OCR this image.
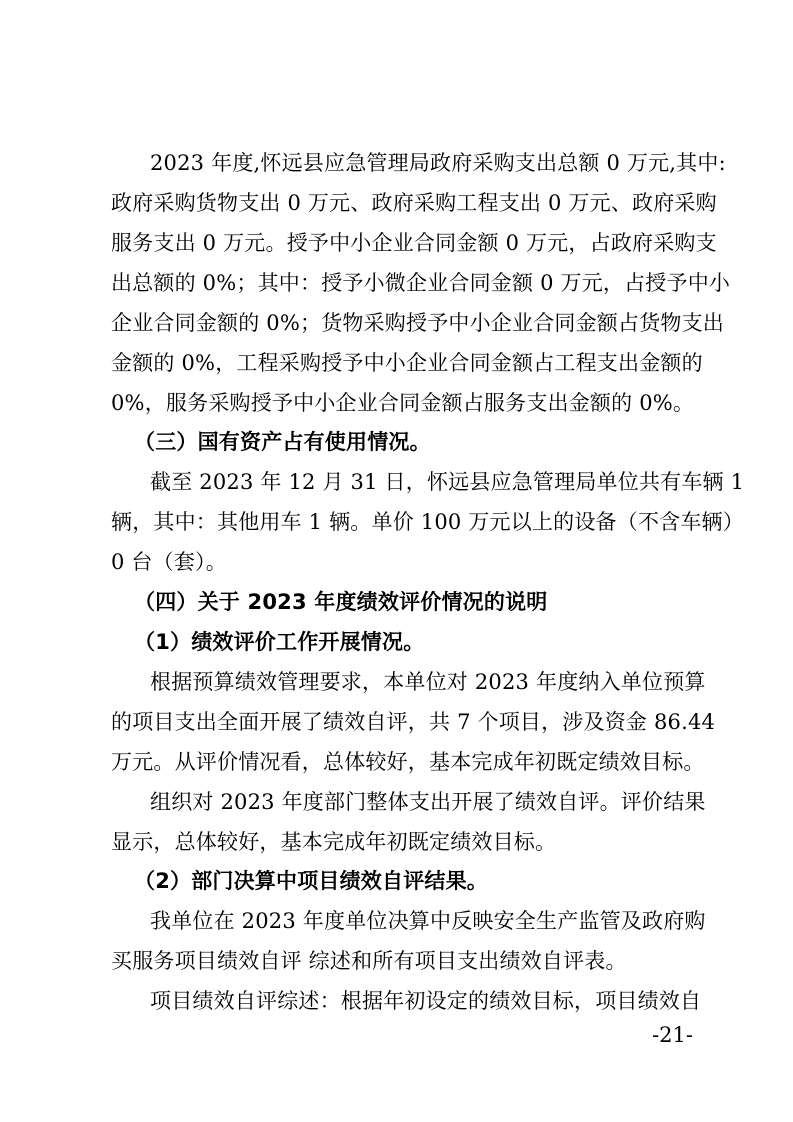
2023 年度,怀远县应急管理局政府采购支出总额 0 万元,其中:

政府采购货物支出 0 万元、政府采购工程支出 0 万元、政府采购

服务支出 0 万元。授予中小企业合同金额 0 万元，占政府采购支

出总额的 0%；其中：授予小微企业合同金额 0 万元，占授予中小

企业合同金额的 0%；货物采购授予中小企业合同金额占货物支出

金额的 0%，工程采购授予中小企业合同金额占工程支出金额的

0%，服务采购授予中小企业合同金额占服务支出金额的 0%。

（三）国有资产占有使用情况。

截至 2023 年 12 月 31 日，怀远县应急管理局单位共有车辆 1

辆，其中：其他用车 1 辆。单价 100 万元以上的设备（不含车辆）

0 台（套）。

（四）关于 2023 年度绩效评价情况的说明

（1）绩效评价工作开展情况。

根据预算绩效管理要求，本单位对 2023 年度纳入单位预算

的项目支出全面开展了绩效自评，共 7 个项目，涉及资金 86.44

万元。从评价情况看，总体较好，基本完成年初既定绩效目标。

组织对 2023 年度部门整体支出开展了绩效自评。评价结果

显示，总体较好，基本完成年初既定绩效目标。

（2）部门决算中项目绩效自评结果。

我单位在 2023 年度单位决算中反映安全生产监管及政府购

买服务项目绩效自评 综述和所有项目支出绩效自评表。

项目绩效自评综述：根据年初设定的绩效目标，项目绩效自

-21-
